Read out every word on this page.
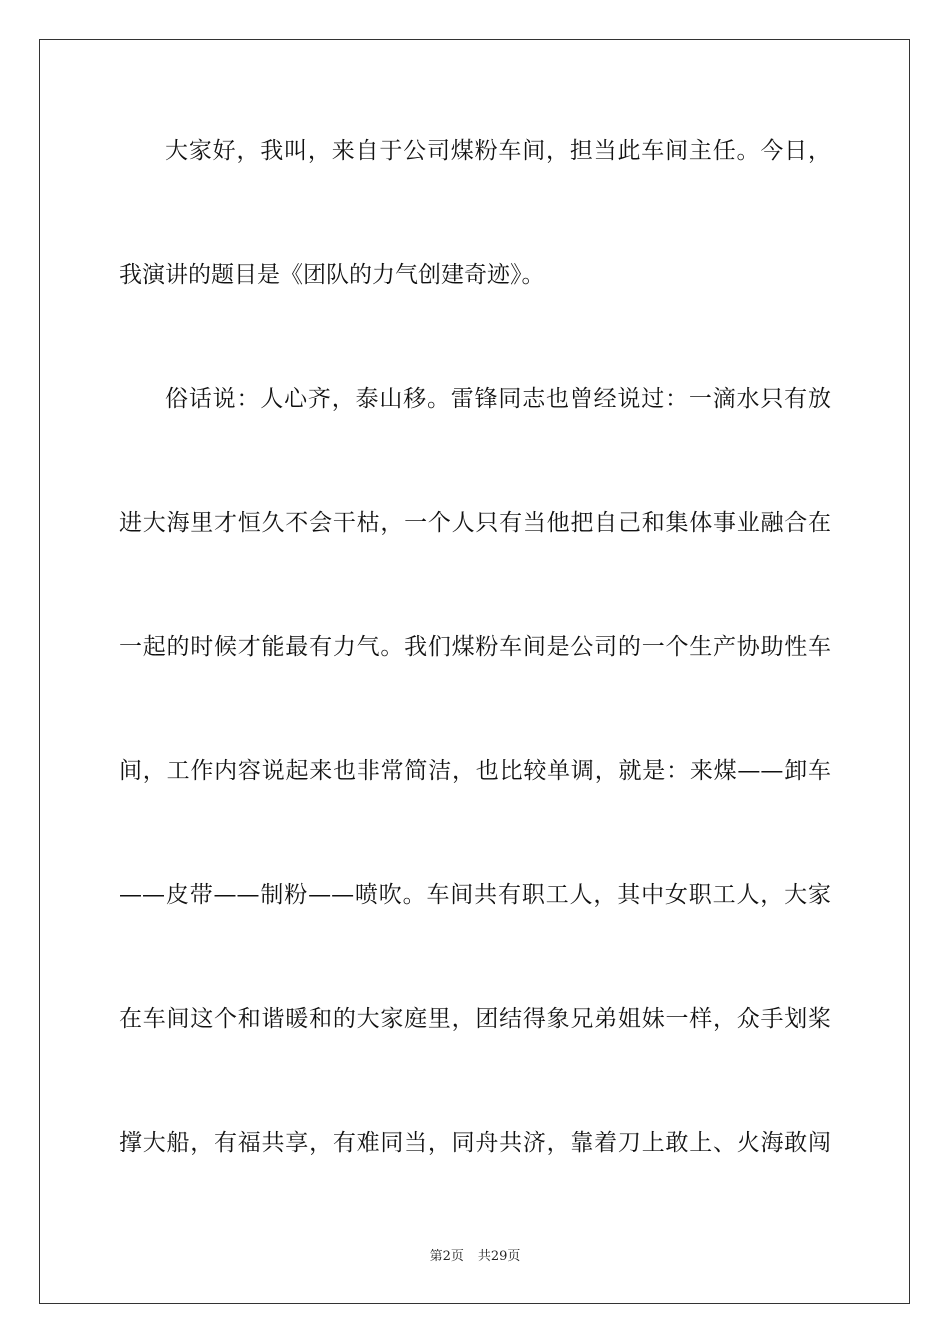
大家好，我叫，来自于公司煤粉车间，担当此车间主任。今日，
我演讲的题目是《团队的力气创建奇迹》。
俗话说：人心齐，泰山移。雷锋同志也曾经说过：一滴水只有放
进大海里才恒久不会干枯，一个人只有当他把自己和集体事业融合在
一起的时候才能最有力气。我们煤粉车间是公司的一个生产协助性车
间，工作内容说起来也非常简洁，也比较单调，就是：来煤——卸车
——皮带——制粉——喷吹。车间共有职工人，其中女职工人，大家
在车间这个和谐暖和的大家庭里，团结得象兄弟姐妹一样，众手划桨
撑大船，有福共享，有难同当，同舟共济，靠着刀上敢上、火海敢闯
第2页 共29页
